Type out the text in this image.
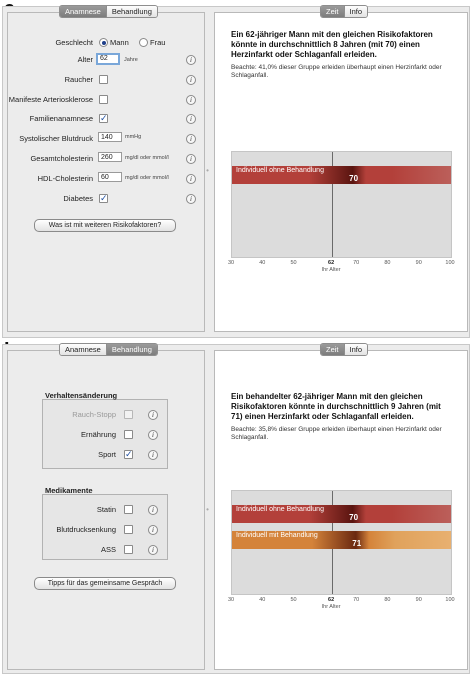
•
Anamnese	Behandlung	Zeit	Info
Geschlecht Mann	Frau
Alter	62	Jahre	i
Raucher	i
Manifeste Arteriosklerose	i
Familienanamnese ✓	i
Systolischer Blutdruck	140	mmHg	i
Gesamtcholesterin	260	mg/dl oder mmol/l	i
HDL-Cholesterin	60	mg/dl oder mmol/l	i
Diabetes ✓	i
Was ist mit weiteren Risikofaktoren?
Ein 62-jähriger Mann mit den gleichen Risikofaktoren könnte in durchschnittlich 8 Jahren (mit 70) einen Herzinfarkt oder Schlaganfall erleiden.
Beachte: 41,0% dieser Gruppe erleiden überhaupt einen Herzinfarkt oder Schlaganfall.
Individuell ohne Behandlung
70
•
Anamnese	Behandlung	Zeit	Info
Verhaltensänderung
Rauch-Stopp	i
Ernährung	i
Sport ✓	i
Medikamente
Statin	i
Blutdrucksenkung	i
ASS	i
Tipps für das gemeinsame Gespräch
Ein behandelter 62-jähriger Mann mit den gleichen Risikofaktoren könnte in durchschnittlich 9 Jahren (mit 71) einen Herzinfarkt oder Schlaganfall erleiden.
Beachte: 35,8% dieser Gruppe erleiden überhaupt einen Herzinfarkt oder Schlaganfall.
Individuell ohne Behandlung
70
Individuell mit Behandlung
71
30	40	50	62	70	80	90	100
Ihr Alter
30	40	50	62	70	80	90	100
Ihr Alter
